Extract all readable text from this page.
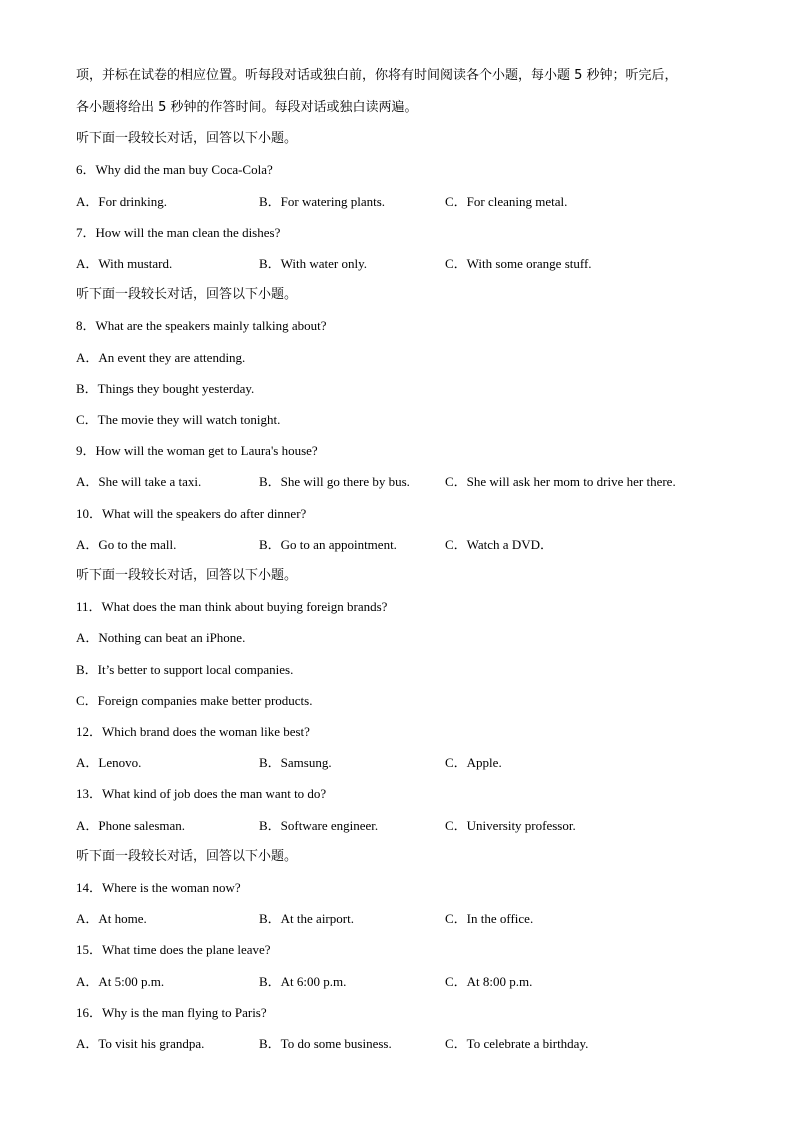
项，并标在试卷的相应位置。听每段对话或独白前，你将有时间阅读各个小题，每小题 5 秒钟；听完后，
各小题将给出 5 秒钟的作答时间。每段对话或独白读两遍。
听下面一段较长对话，回答以下小题。
6．Why did the man buy Coca-Cola?
A．For drinking.	B．For watering plants.	C．For cleaning metal.
7．How will the man clean the dishes?
A．With mustard.	B．With water only.	C．With some orange stuff.
听下面一段较长对话，回答以下小题。
8．What are the speakers mainly talking about?
A．An event they are attending.
B．Things they bought yesterday.
C．The movie they will watch tonight.
9．How will the woman get to Laura's house?
A．She will take a taxi.	B．She will go there by bus.	C．She will ask her mom to drive her there.
10．What will the speakers do after dinner?
A．Go to the mall.	B．Go to an appointment.	C．Watch a DVD．
听下面一段较长对话，回答以下小题。
11．What does the man think about buying foreign brands?
A．Nothing can beat an iPhone.
B．It’s better to support local companies.
C．Foreign companies make better products.
12．Which brand does the woman like best?
A．Lenovo.	B．Samsung.	C．Apple.
13．What kind of job does the man want to do?
A．Phone salesman.	B．Software engineer.	C．University professor.
听下面一段较长对话，回答以下小题。
14．Where is the woman now?
A．At home.	B．At the airport.	C．In the office.
15．What time does the plane leave?
A．At 5:00 p.m.	B．At 6:00 p.m.	C．At 8:00 p.m.
16．Why is the man flying to Paris?
A．To visit his grandpa.	B．To do some business.	C．To celebrate a birthday.
